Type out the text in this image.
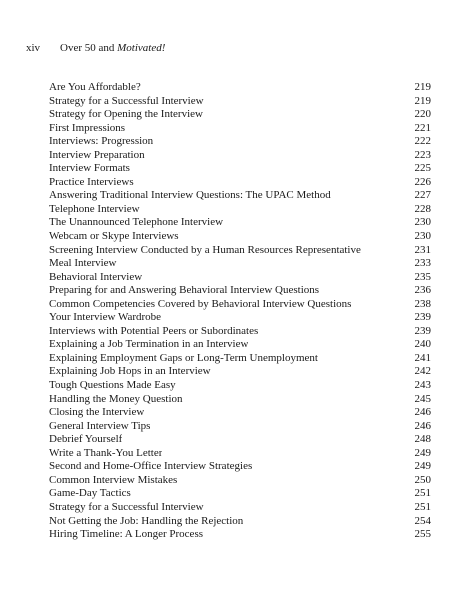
xiv Over 50 and Motivated!
Are You Affordable?	219
Strategy for a Successful Interview	219
Strategy for Opening the Interview	220
First Impressions	221
Interviews: Progression	222
Interview Preparation	223
Interview Formats	225
Practice Interviews	226
Answering Traditional Interview Questions: The UPAC Method	227
Telephone Interview	228
The Unannounced Telephone Interview	230
Webcam or Skype Interviews	230
Screening Interview Conducted by a Human Resources Representative	231
Meal Interview	233
Behavioral Interview	235
Preparing for and Answering Behavioral Interview Questions	236
Common Competencies Covered by Behavioral Interview Questions	238
Your Interview Wardrobe	239
Interviews with Potential Peers or Subordinates	239
Explaining a Job Termination in an Interview	240
Explaining Employment Gaps or Long-Term Unemployment	241
Explaining Job Hops in an Interview	242
Tough Questions Made Easy	243
Handling the Money Question	245
Closing the Interview	246
General Interview Tips	246
Debrief Yourself	248
Write a Thank-You Letter	249
Second and Home-Office Interview Strategies	249
Common Interview Mistakes	250
Game-Day Tactics	251
Strategy for a Successful Interview	251
Not Getting the Job: Handling the Rejection	254
Hiring Timeline: A Longer Process	255
